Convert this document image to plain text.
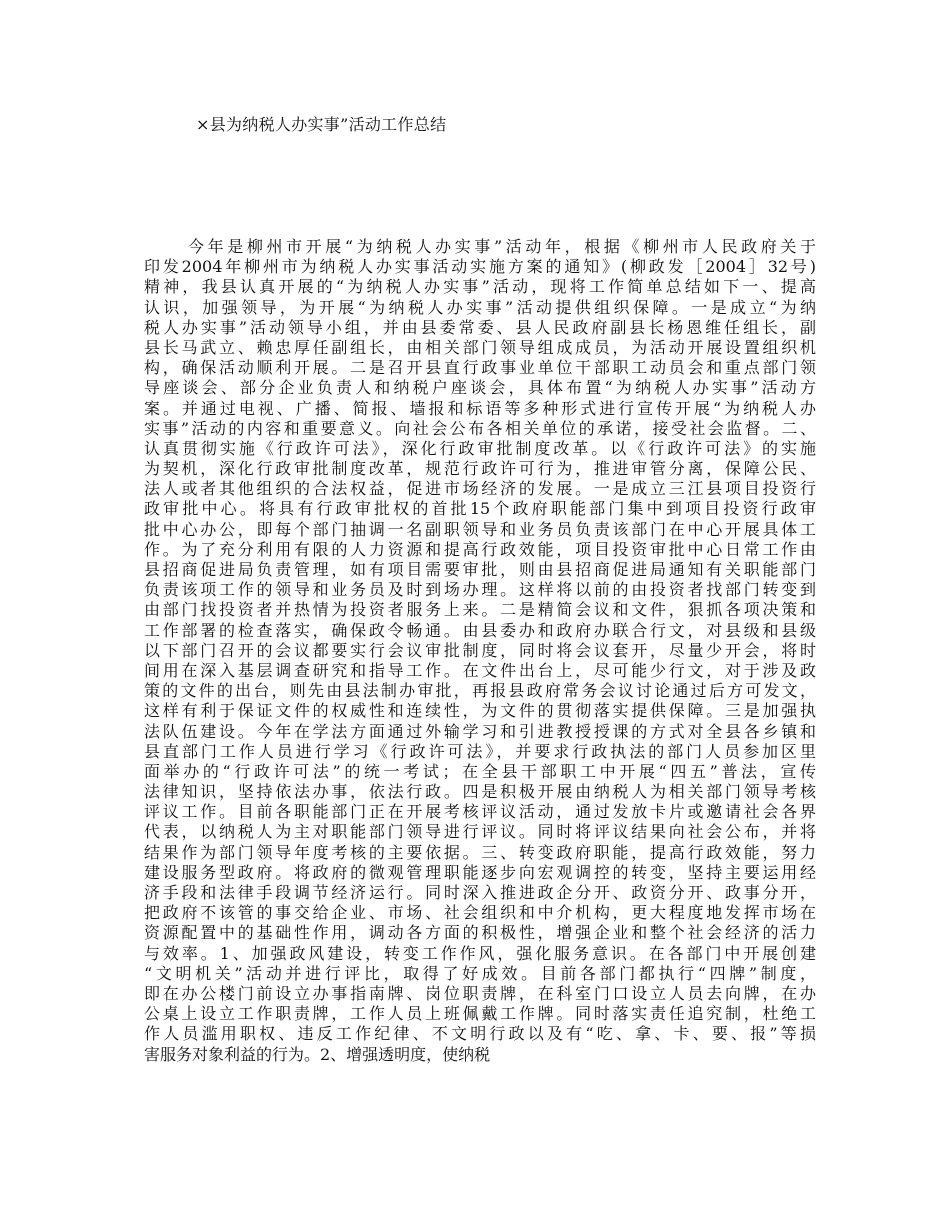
×县为纳税人办实事”活动工作总结
今年是柳州市开展“为纳税人办实事”活动年，根据《柳州市人民政府关于
印发2004年柳州市为纳税人办实事活动实施方案的通知》(柳政发［2004］32号)
精神，我县认真开展的“为纳税人办实事”活动，现将工作简单总结如下一、提高
认识，加强领导，为开展“为纳税人办实事”活动提供组织保障。一是成立“为纳
税人办实事”活动领导小组，并由县委常委、县人民政府副县长杨恩维任组长，副
县长马武立、赖忠厚任副组长，由相关部门领导组成成员，为活动开展设置组织机
构，确保活动顺利开展。二是召开县直行政事业单位干部职工动员会和重点部门领
导座谈会、部分企业负责人和纳税户座谈会，具体布置“为纳税人办实事”活动方
案。并通过电视、广播、简报、墙报和标语等多种形式进行宣传开展“为纳税人办
实事”活动的内容和重要意义。向社会公布各相关单位的承诺，接受社会监督。二、
认真贯彻实施《行政许可法》，深化行政审批制度改革。以《行政许可法》的实施
为契机，深化行政审批制度改革，规范行政许可行为，推进审管分离，保障公民、
法人或者其他组织的合法权益，促进市场经济的发展。一是成立三江县项目投资行
政审批中心。将具有行政审批权的首批15个政府职能部门集中到项目投资行政审
批中心办公，即每个部门抽调一名副职领导和业务员负责该部门在中心开展具体工
作。为了充分利用有限的人力资源和提高行政效能，项目投资审批中心日常工作由
县招商促进局负责管理，如有项目需要审批，则由县招商促进局通知有关职能部门
负责该项工作的领导和业务员及时到场办理。这样将以前的由投资者找部门转变到
由部门找投资者并热情为投资者服务上来。二是精简会议和文件，狠抓各项决策和
工作部署的检查落实，确保政令畅通。由县委办和政府办联合行文，对县级和县级
以下部门召开的会议都要实行会议审批制度，同时将会议套开，尽量少开会，将时
间用在深入基层调查研究和指导工作。在文件出台上，尽可能少行文，对于涉及政
策的文件的出台，则先由县法制办审批，再报县政府常务会议讨论通过后方可发文，
这样有利于保证文件的权威性和连续性，为文件的贯彻落实提供保障。三是加强执
法队伍建设。今年在学法方面通过外输学习和引进教授授课的方式对全县各乡镇和
县直部门工作人员进行学习《行政许可法》，并要求行政执法的部门人员参加区里
面举办的“行政许可法”的统一考试；在全县干部职工中开展“四五”普法，宣传
法律知识，坚持依法办事，依法行政。四是积极开展由纳税人为相关部门领导考核
评议工作。目前各职能部门正在开展考核评议活动，通过发放卡片或邀请社会各界
代表，以纳税人为主对职能部门领导进行评议。同时将评议结果向社会公布，并将
结果作为部门领导年度考核的主要依据。三、转变政府职能，提高行政效能，努力
建设服务型政府。将政府的微观管理职能逐步向宏观调控的转变，坚持主要运用经
济手段和法律手段调节经济运行。同时深入推进政企分开、政资分开、政事分开，
把政府不该管的事交给企业、市场、社会组织和中介机构，更大程度地发挥市场在
资源配置中的基础性作用，调动各方面的积极性，增强企业和整个社会经济的活力
与效率。1、加强政风建设，转变工作作风，强化服务意识。在各部门中开展创建
“文明机关”活动并进行评比，取得了好成效。目前各部门都执行“四牌”制度，
即在办公楼门前设立办事指南牌、岗位职责牌，在科室门口设立人员去向牌，在办
公桌上设立工作职责牌，工作人员上班佩戴工作牌。同时落实责任追究制，杜绝工
作人员滥用职权、违反工作纪律、不文明行政以及有“吃、拿、卡、要、报”等损
害服务对象利益的行为。2、增强透明度，使纳税
